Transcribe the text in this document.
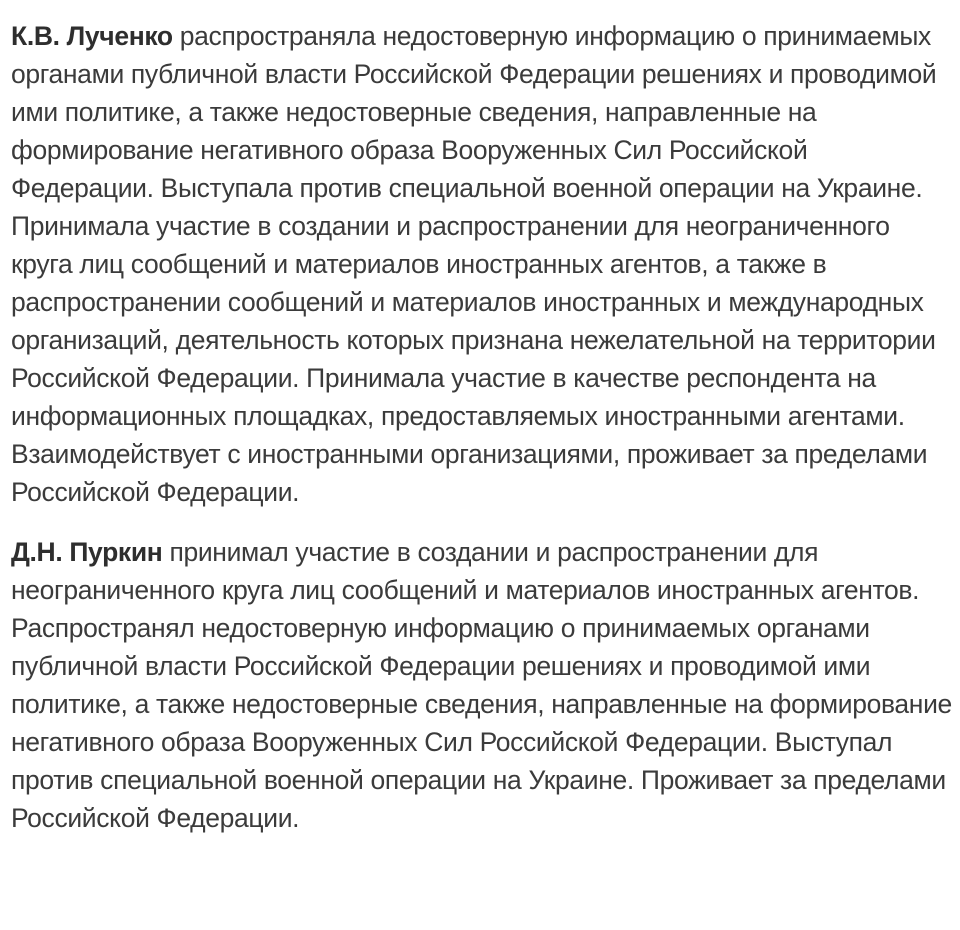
К.В. Лученко распространяла недостоверную информацию о принимаемых органами публичной власти Российской Федерации решениях и проводимой ими политике, а также недостоверные сведения, направленные на формирование негативного образа Вооруженных Сил Российской Федерации. Выступала против специальной военной операции на Украине. Принимала участие в создании и распространении для неограниченного круга лиц сообщений и материалов иностранных агентов, а также в распространении сообщений и материалов иностранных и международных организаций, деятельность которых признана нежелательной на территории Российской Федерации. Принимала участие в качестве респондента на информационных площадках, предоставляемых иностранными агентами. Взаимодействует с иностранными организациями, проживает за пределами Российской Федерации.

Д.Н. Пуркин принимал участие в создании и распространении для неограниченного круга лиц сообщений и материалов иностранных агентов. Распространял недостоверную информацию о принимаемых органами публичной власти Российской Федерации решениях и проводимой ими политике, а также недостоверные сведения, направленные на формирование негативного образа Вооруженных Сил Российской Федерации. Выступал против специальной военной операции на Украине. Проживает за пределами Российской Федерации.
